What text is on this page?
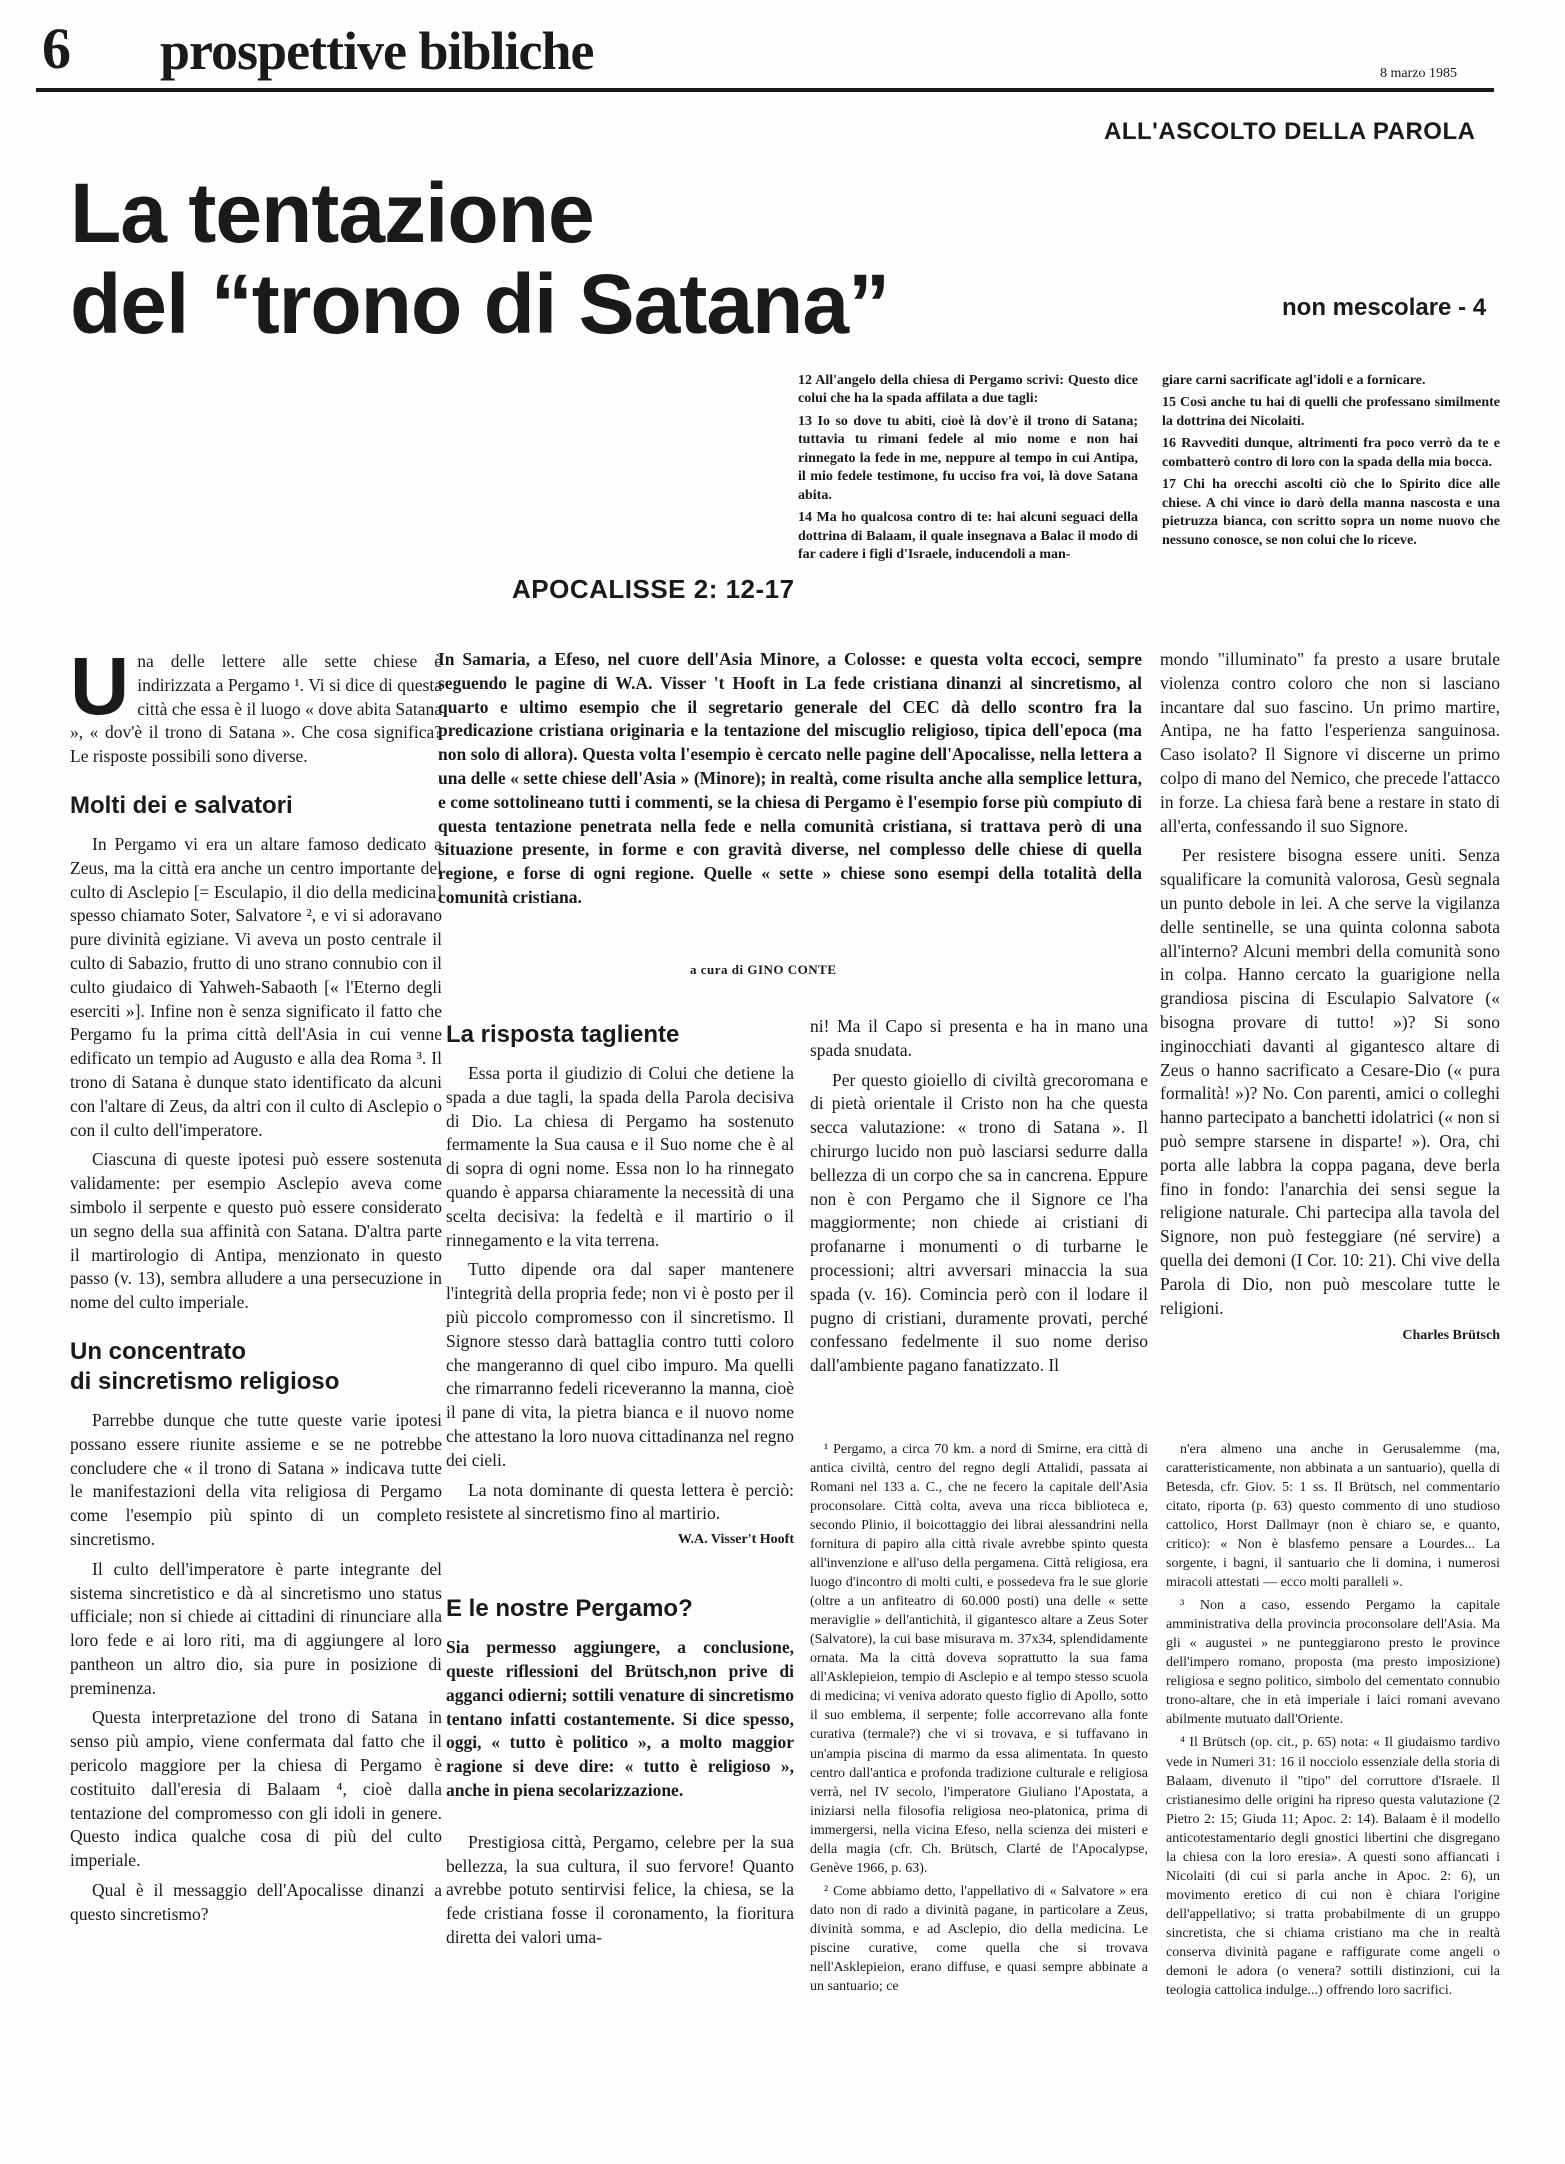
6 prospettive bibliche	8 marzo 1985
ALL'ASCOLTO DELLA PAROLA
La tentazione
del “trono di Satana”	non mescolare - 4
APOCALISSE 2: 12-17

12 All'angelo della chiesa di Pergamo scrivi: Questo dice colui che ha la spada affilata a due tagli:

13 Io so dove tu abiti, cioè là dov'è il trono di Satana; tuttavia tu rimani fedele al mio nome e non hai rinnegato la fede in me, neppure al tempo in cui Antipa, il mio fedele testimone, fu ucciso fra voi, là dove Satana abita.

14 Ma ho qualcosa contro di te: hai alcuni seguaci della dottrina di Balaam, il quale insegnava a Balac il modo di far cadere i figli d'Israele, inducendoli a man-

giare carni sacrificate agl'idoli e a fornicare.

15 Così anche tu hai di quelli che professano similmente la dottrina dei Nicolaiti.

16 Ravvediti dunque, altrimenti fra poco verrò da te e combatterò contro di loro con la spada della mia bocca.

17 Chi ha orecchi ascolti ciò che lo Spirito dice alle chiese. A chi vince io darò della manna nascosta e una pietruzza bianca, con scritto sopra un nome nuovo che nessuno conosce, se non colui che lo riceve.

Una delle lettere alle sette chiese è indirizzata a Pergamo ¹. Vi si dice di questa città che essa è il luogo « dove abita Satana », « dov'è il trono di Satana ». Che cosa significa? Le risposte possibili sono diverse.

Molti dei e salvatori

In Pergamo vi era un altare famoso dedicato a Zeus, ma la città era anche un centro importante del culto di Asclepio [= Esculapio, il dio della medicina] spesso chiamato Soter, Salvatore ², e vi si adoravano pure divinità egiziane. Vi aveva un posto centrale il culto di Sabazio, frutto di uno strano connubio con il culto giudaico di Yahweh-Sabaoth [« l'Eterno degli eserciti »]. Infine non è senza significato il fatto che Pergamo fu la prima città dell'Asia in cui venne edificato un tempio ad Augusto e alla dea Roma ³. Il trono di Satana è dunque stato identificato da alcuni con l'altare di Zeus, da altri con il culto di Asclepio o con il culto dell'imperatore.

Ciascuna di queste ipotesi può essere sostenuta validamente: per esempio Asclepio aveva come simbolo il serpente e questo può essere considerato un segno della sua affinità con Satana. D'altra parte il martirologio di Antipa, menzionato in questo passo (v. 13), sembra alludere a una persecuzione in nome del culto imperiale.

Un concentrato
di sincretismo religioso

Parrebbe dunque che tutte queste varie ipotesi possano essere riunite assieme e se ne potrebbe concludere che « il trono di Satana » indicava tutte le manifestazioni della vita religiosa di Pergamo come l'esempio più spinto di un completo sincretismo.

Il culto dell'imperatore è parte integrante del sistema sincretistico e dà al sincretismo uno status ufficiale; non si chiede ai cittadini di rinunciare alla loro fede e ai loro riti, ma di aggiungere al loro pantheon un altro dio, sia pure in posizione di preminenza.

Questa interpretazione del trono di Satana in senso più ampio, viene confermata dal fatto che il pericolo maggiore per la chiesa di Pergamo è costituito dall'eresia di Balaam ⁴, cioè dalla tentazione del compromesso con gli idoli in genere. Questo indica qualche cosa di più del culto imperiale.

Qual è il messaggio dell'Apocalisse dinanzi a questo sincretismo?

In Samaria, a Efeso, nel cuore dell'Asia Minore, a Colosse: e questa volta eccoci, sempre seguendo le pagine di W.A. Visser 't Hooft in La fede cristiana dinanzi al sincretismo, al quarto e ultimo esempio che il segretario generale del CEC dà dello scontro fra la predicazione cristiana originaria e la tentazione del miscuglio religioso, tipica dell'epoca (ma non solo di allora). Questa volta l'esempio è cercato nelle pagine dell'Apocalisse, nella lettera a una delle « sette chiese dell'Asia » (Minore); in realtà, come risulta anche alla semplice lettura, e come sottolineano tutti i commenti, se la chiesa di Pergamo è l'esempio forse più compiuto di questa tentazione penetrata nella fede e nella comunità cristiana, si trattava però di una situazione presente, in forme e con gravità diverse, nel complesso delle chiese di quella regione, e forse di ogni regione. Quelle « sette » chiese sono esempi della totalità della comunità cristiana.
a cura di GINO CONTE
La risposta tagliente

Essa porta il giudizio di Colui che detiene la spada a due tagli, la spada della Parola decisiva di Dio. La chiesa di Pergamo ha sostenuto fermamente la Sua causa e il Suo nome che è al di sopra di ogni nome. Essa non lo ha rinnegato quando è apparsa chiaramente la necessità di una scelta decisiva: la fedeltà e il martirio o il rinnegamento e la vita terrena.

Tutto dipende ora dal saper mantenere l'integrità della propria fede; non vi è posto per il più piccolo compromesso con il sincretismo. Il Signore stesso darà battaglia contro tutti coloro che mangeranno di quel cibo impuro. Ma quelli che rimarranno fedeli riceveranno la manna, cioè il pane di vita, la pietra bianca e il nuovo nome che attestano la loro nuova cittadinanza nel regno dei cieli.

La nota dominante di questa lettera è perciò: resistete al sincretismo fino al martirio.

W.A. Visser't Hooft
E le nostre Pergamo?
Sia permesso aggiungere, a conclusione, queste riflessioni del Brütsch,non prive di agganci odierni; sottili venature di sincretismo tentano infatti costantemente. Si dice spesso, oggi, « tutto è politico », a molto maggior ragione si deve dire: « tutto è religioso », anche in piena secolarizzazione.

Prestigiosa città, Pergamo, celebre per la sua bellezza, la sua cultura, il suo fervore! Quanto avrebbe potuto sentirvisi felice, la chiesa, se la fede cristiana fosse il coronamento, la fioritura diretta dei valori uma-

ni! Ma il Capo si presenta e ha in mano una spada snudata.

Per questo gioiello di civiltà grecoromana e di pietà orientale il Cristo non ha che questa secca valutazione: « trono di Satana ». Il chirurgo lucido non può lasciarsi sedurre dalla bellezza di un corpo che sa in cancrena. Eppure non è con Pergamo che il Signore ce l'ha maggiormente; non chiede ai cristiani di profanarne i monumenti o di turbarne le processioni; altri avversari minaccia la sua spada (v. 16). Comincia però con il lodare il pugno di cristiani, duramente provati, perché confessano fedelmente il suo nome deriso dall'ambiente pagano fanatizzato. Il

mondo "illuminato" fa presto a usare brutale violenza contro coloro che non si lasciano incantare dal suo fascino. Un primo martire, Antipa, ne ha fatto l'esperienza sanguinosa. Caso isolato? Il Signore vi discerne un primo colpo di mano del Nemico, che precede l'attacco in forze. La chiesa farà bene a restare in stato di all'erta, confessando il suo Signore.

Per resistere bisogna essere uniti. Senza squalificare la comunità valorosa, Gesù segnala un punto debole in lei. A che serve la vigilanza delle sentinelle, se una quinta colonna sabota all'interno? Alcuni membri della comunità sono in colpa. Hanno cercato la guarigione nella grandiosa piscina di Esculapio Salvatore (« bisogna provare di tutto! »)? Si sono inginocchiati davanti al gigantesco altare di Zeus o hanno sacrificato a Cesare-Dio (« pura formalità! »)? No. Con parenti, amici o colleghi hanno partecipato a banchetti idolatrici (« non si può sempre starsene in disparte! »). Ora, chi porta alle labbra la coppa pagana, deve berla fino in fondo: l'anarchia dei sensi segue la religione naturale. Chi partecipa alla tavola del Signore, non può festeggiare (né servire) a quella dei demoni (I Cor. 10: 21). Chi vive della Parola di Dio, non può mescolare tutte le religioni.

Charles Brütsch

¹ Pergamo, a circa 70 km. a nord di Smirne, era città di antica civiltà, centro del regno degli Attalidi, passata ai Romani nel 133 a. C., che ne fecero la capitale dell'Asia proconsolare. Città colta, aveva una ricca biblioteca e, secondo Plinio, il boicottaggio dei librai alessandrini nella fornitura di papiro alla città rivale avrebbe spinto questa all'invenzione e all'uso della pergamena. Città religiosa, era luogo d'incontro di molti culti, e possedeva fra le sue glorie (oltre a un anfiteatro di 60.000 posti) una delle « sette meraviglie » dell'antichità, il gigantesco altare a Zeus Soter (Salvatore), la cui base misurava m. 37x34, splendidamente ornata. Ma la città doveva soprattutto la sua fama all'Asklepieion, tempio di Asclepio e al tempo stesso scuola di medicina; vi veniva adorato questo figlio di Apollo, sotto il suo emblema, il serpente; folle accorrevano alla fonte curativa (termale?) che vi si trovava, e si tuffavano in un'ampia piscina di marmo da essa alimentata. In questo centro dall'antica e profonda tradizione culturale e religiosa verrà, nel IV secolo, l'imperatore Giuliano l'Apostata, a iniziarsi nella filosofia religiosa neo-platonica, prima di immergersi, nella vicina Efeso, nella scienza dei misteri e della magia (cfr. Ch. Brütsch, Clarté de l'Apocalypse, Genève 1966, p. 63).

² Come abbiamo detto, l'appellativo di « Salvatore » era dato non di rado a divinità pagane, in particolare a Zeus, divinità somma, e ad Asclepio, dio della medicina. Le piscine curative, come quella che si trovava nell'Asklepieion, erano diffuse, e quasi sempre abbinate a un santuario; ce

n'era almeno una anche in Gerusalemme (ma, caratteristicamente, non abbinata a un santuario), quella di Betesda, cfr. Giov. 5: 1 ss. Il Brütsch, nel commentario citato, riporta (p. 63) questo commento di uno studioso cattolico, Horst Dallmayr (non è chiaro se, e quanto, critico): « Non è blasfemo pensare a Lourdes... La sorgente, i bagni, il santuario che li domina, i numerosi miracoli attestati — ecco molti paralleli ».

³ Non a caso, essendo Pergamo la capitale amministrativa della provincia proconsolare dell'Asia. Ma gli « augustei » ne punteggiarono presto le province dell'impero romano, proposta (ma presto imposizione) religiosa e segno politico, simbolo del cementato connubio trono-altare, che in età imperiale i laici romani avevano abilmente mutuato dall'Oriente.

⁴ Il Brütsch (op. cit., p. 65) nota: « Il giudaismo tardivo vede in Numeri 31: 16 il nocciolo essenziale della storia di Balaam, divenuto il "tipo" del corruttore d'Israele. Il cristianesimo delle origini ha ripreso questa valutazione (2 Pietro 2: 15; Giuda 11; Apoc. 2: 14). Balaam è il modello anticotestamentario degli gnostici libertini che disgregano la chiesa con la loro eresia». A questi sono affiancati i Nicolaiti (di cui si parla anche in Apoc. 2: 6), un movimento eretico di cui non è chiara l'origine dell'appellativo; si tratta probabilmente di un gruppo sincretista, che si chiama cristiano ma che in realtà conserva divinità pagane e raffigurate come angeli o demoni le adora (o venera? sottili distinzioni, cui la teologia cattolica indulge...) offrendo loro sacrifici.
